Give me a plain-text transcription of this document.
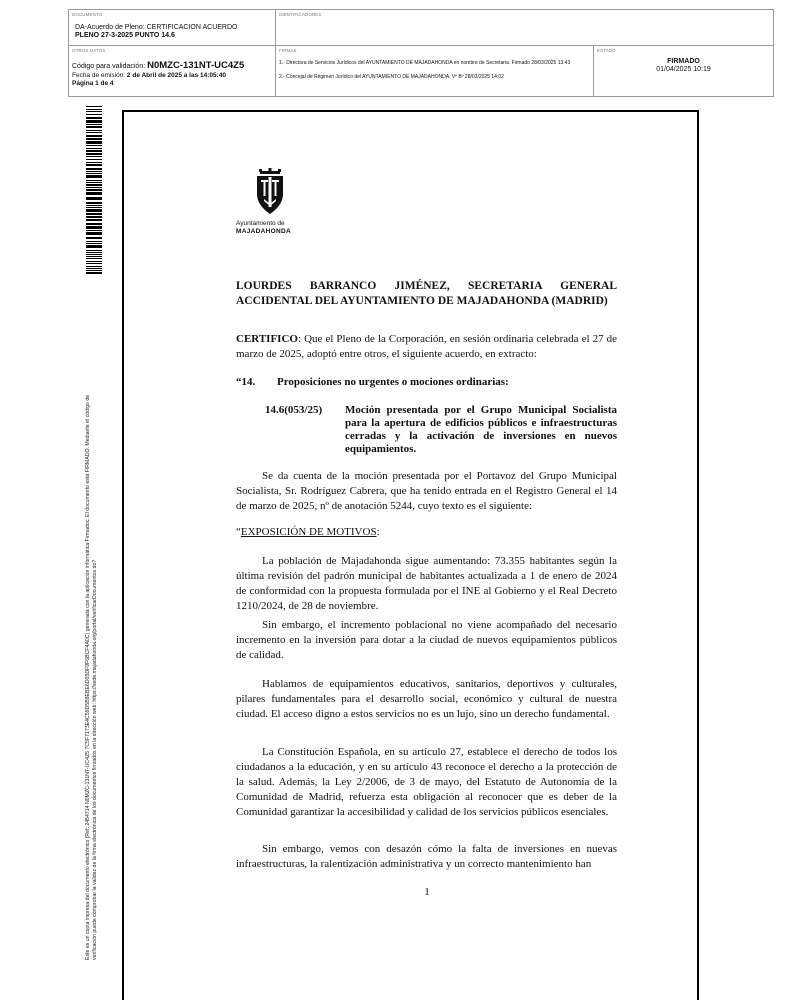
DOCUMENTO
DA-Acuerdo de Pleno: CERTIFICACION ACUERDO
PLENO 27-3-2025 PUNTO 14.6
IDENTIFICADORES
OTROS DATOS
Código para validación: N0MZC-131NT-UC4Z5
Fecha de emisión: 2 de Abril de 2025 a las 14:05:40
Página 1 de 4
FIRMAS
1.- Directora de Servicios Jurídicos del AYUNTAMIENTO DE MAJADAHONDA en nombre de Secretaria. Firmado 28/03/2025 13:43
2.- Concejal de Régimen Jurídico del AYUNTAMIENTO DE MAJADAHONDA. Vº Bº 28/03/2025 14:02
ESTADO
FIRMADO
01/04/2025 10:19
Este es un copia impresa del documento electrónico (Ref: 2454714 N0MZC-131NT-UC4Z5 7C5F7173E4C59D5B9EBE6D05DF9F6BCF4A0C) generada con la aplicación informática Firmadoc. El documento está FIRMADO. Mediante el código de verificación puede comprobar la validez de la firma electrónica de los documentos firmados en la dirección web: https://sede.majadahonda.org/portal/verificarDocumentos.do?
Ayuntamiento de
MAJADAHONDA
LOURDES BARRANCO JIMÉNEZ, SECRETARIA GENERAL
ACCIDENTAL DEL AYUNTAMIENTO DE MAJADAHONDA (MADRID)
CERTIFICO: Que el Pleno de la Corporación, en sesión ordinaria celebrada el 27 de marzo de 2025, adoptó entre otros, el siguiente acuerdo, en extracto:
“14. Proposiciones no urgentes o mociones ordinarias:
14.6(053/25) Moción presentada por el Grupo Municipal Socialista para la apertura de edificios públicos e infraestructuras cerradas y la activación de inversiones en nuevos equipamientos.
Se da cuenta de la moción presentada por el Portavoz del Grupo Municipal Socialista, Sr. Rodríguez Cabrera, que ha tenido entrada en el Registro General el 14 de marzo de 2025, nº de anotación 5244, cuyo texto es el siguiente:
“EXPOSICIÓN DE MOTIVOS:
La población de Majadahonda sigue aumentando: 73.355 habitantes según la última revisión del padrón municipal de habitantes actualizada a 1 de enero de 2024 de conformidad con la propuesta formulada por el INE al Gobierno y el Real Decreto 1210/2024, de 28 de noviembre.
Sin embargo, el incremento poblacional no viene acompañado del necesario incremento en la inversión para dotar a la ciudad de nuevos equipamientos públicos de calidad.
Hablamos de equipamientos educativos, sanitarios, deportivos y culturales, pilares fundamentales para el desarrollo social, económico y cultural de nuestra ciudad. El acceso digno a estos servicios no es un lujo, sino un derecho fundamental.
La Constitución Española, en su artículo 27, establece el derecho de todos los ciudadanos a la educación, y en su artículo 43 reconoce el derecho a la protección de la salud. Además, la Ley 2/2006, de 3 de mayo, del Estatuto de Autonomía de la Comunidad de Madrid, refuerza esta obligación al reconocer que es deber de la Comunidad garantizar la accesibilidad y calidad de los servicios públicos esenciales.
Sin embargo, vemos con desazón cómo la falta de inversiones en nuevas infraestructuras, la ralentización administrativa y un correcto mantenimiento han
1
